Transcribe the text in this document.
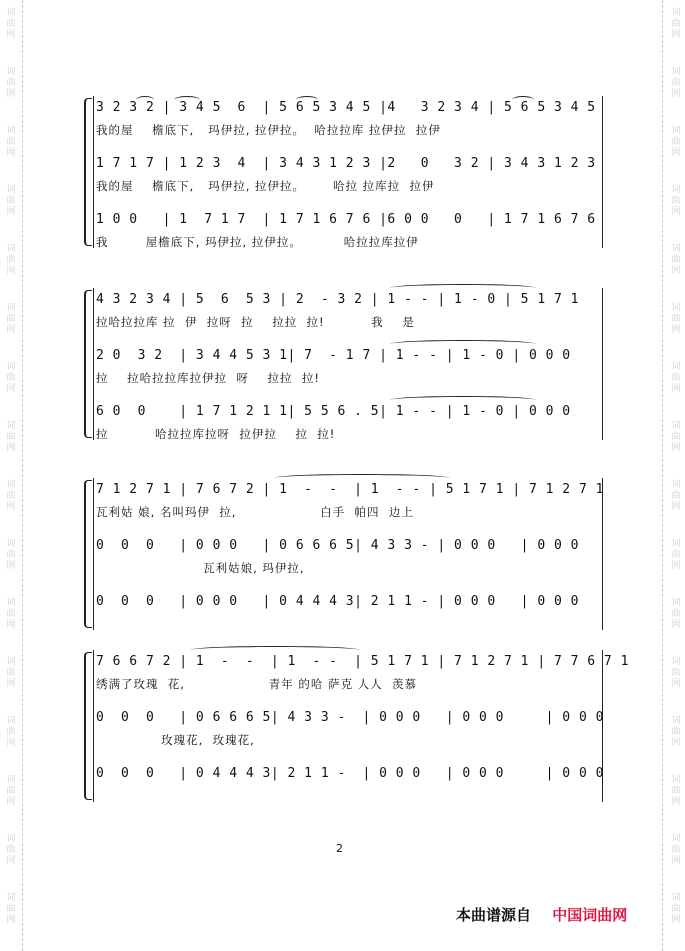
词
曲
网
词
曲
网
词
曲
网
词
曲
网
词
曲
网
词
曲
网
词
曲
网
词
曲
网
词
曲
网
词
曲
网
词
曲
网
词
曲
网
词
曲
网
词
曲
网
词
曲
网
词
曲
网
词
曲
网
词
曲
网
词
曲
网
词
曲
网
词
曲
网
词
曲
网
词
曲
网
词
曲
网
词
曲
网
词
曲
网
词
曲
网
词
曲
网
词
曲
网
词
曲
网
词
曲
网
词
曲
网
3 2 3 2 | 3 4 5  6  | 5 6 5 3 4 5 |4   3 2 3 4 | 5 6 5 3 4 5
我的屋    檐底下,   玛伊拉, 拉伊拉。  哈拉拉库 拉伊拉  拉伊
1 7 1 7 | 1 2 3  4  | 3 4 3 1 2 3 |2   0   3 2 | 3 4 3 1 2 3
我的屋    檐底下,   玛伊拉, 拉伊拉。      哈拉 拉库拉  拉伊
1 0 0   | 1  7 1 7  | 1 7 1 6 7 6 |6 0 0   0   | 1 7 1 6 7 6
我        屋檐底下, 玛伊拉, 拉伊拉。         哈拉拉库拉伊
4 3 2 3 4 | 5  6  5 3 | 2  - 3 2 | 1 - - | 1 - 0 | 5 1 7 1
拉哈拉拉库 拉  伊  拉呀  拉    拉拉  拉!          我    是
2 0  3 2  | 3 4 4 5 3 1| 7  - 1 7 | 1 - - | 1 - 0 | 0 0 0
拉    拉哈拉拉库拉伊拉  呀    拉拉  拉!
6 0  0    | 1 7 1 2 1 1| 5 5 6 . 5| 1 - - | 1 - 0 | 0 0 0
拉          哈拉拉库拉呀  拉伊拉    拉  拉!
7 1 2 7 1 | 7 6 7 2 | 1  -  -  | 1  - - | 5 1 7 1 | 7 1 2 7 1
瓦利姑 娘, 名叫玛伊  拉,                  白手  帕四  边上
0  0  0   | 0 0 0   | 0 6 6 6 5| 4 3 3 - | 0 0 0   | 0 0 0
瓦利姑娘, 玛伊拉,
0  0  0   | 0 0 0   | 0 4 4 4 3| 2 1 1 - | 0 0 0   | 0 0 0
7 6 6 7 2 | 1  -  -  | 1  - -  | 5 1 7 1 | 7 1 2 7 1 | 7 7 6 7 1
绣满了玫瑰  花,                  青年 的哈 萨克 人人  羡慕
0  0  0   | 0 6 6 6 5| 4 3 3 -  | 0 0 0   | 0 0 0     | 0 0 0
玫瑰花,  玫瑰花,
0  0  0   | 0 4 4 4 3| 2 1 1 -  | 0 0 0   | 0 0 0     | 0 0 0
2
本曲谱源自 中国词曲网
